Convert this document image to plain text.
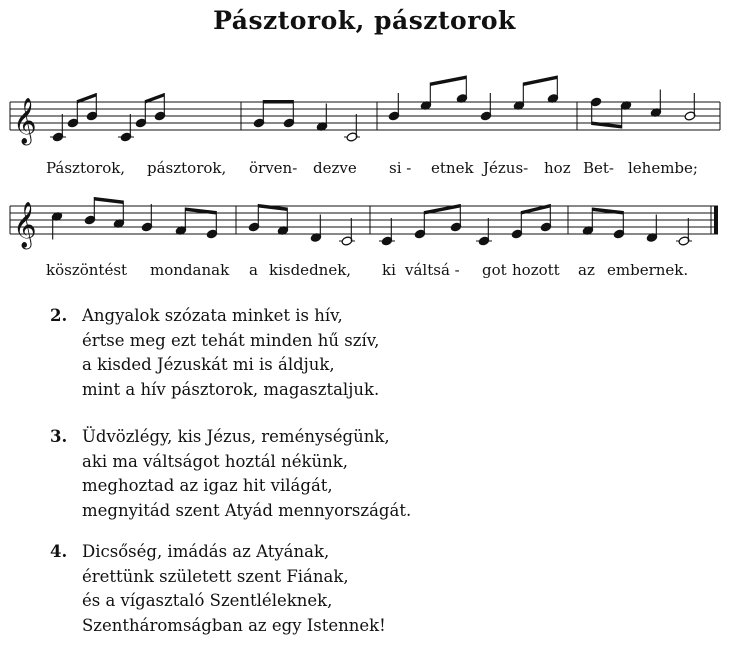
Pásztorok, pásztorok
𝄞
Pásztorok, pásztorok, örven- dezve si - etnek Jézus- hoz Bet- lehembe;
𝄞
köszöntést mondanak a kisdednek, ki váltsá - got hozott az embernek.
2. Angyalok szózata minket is hív,
értse meg ezt tehát minden hű szív,
a kisded Jézuskát mi is áldjuk,
mint a hív pásztorok, magasztaljuk.
3. Üdvözlégy, kis Jézus, reménységünk,
aki ma váltságot hoztál nékünk,
meghoztad az igaz hit világát,
megnyitád szent Atyád mennyországát.
4. Dicsőség, imádás az Atyának,
érettünk született szent Fiának,
és a vígasztaló Szentléleknek,
Szentháromságban az egy Istennek!
